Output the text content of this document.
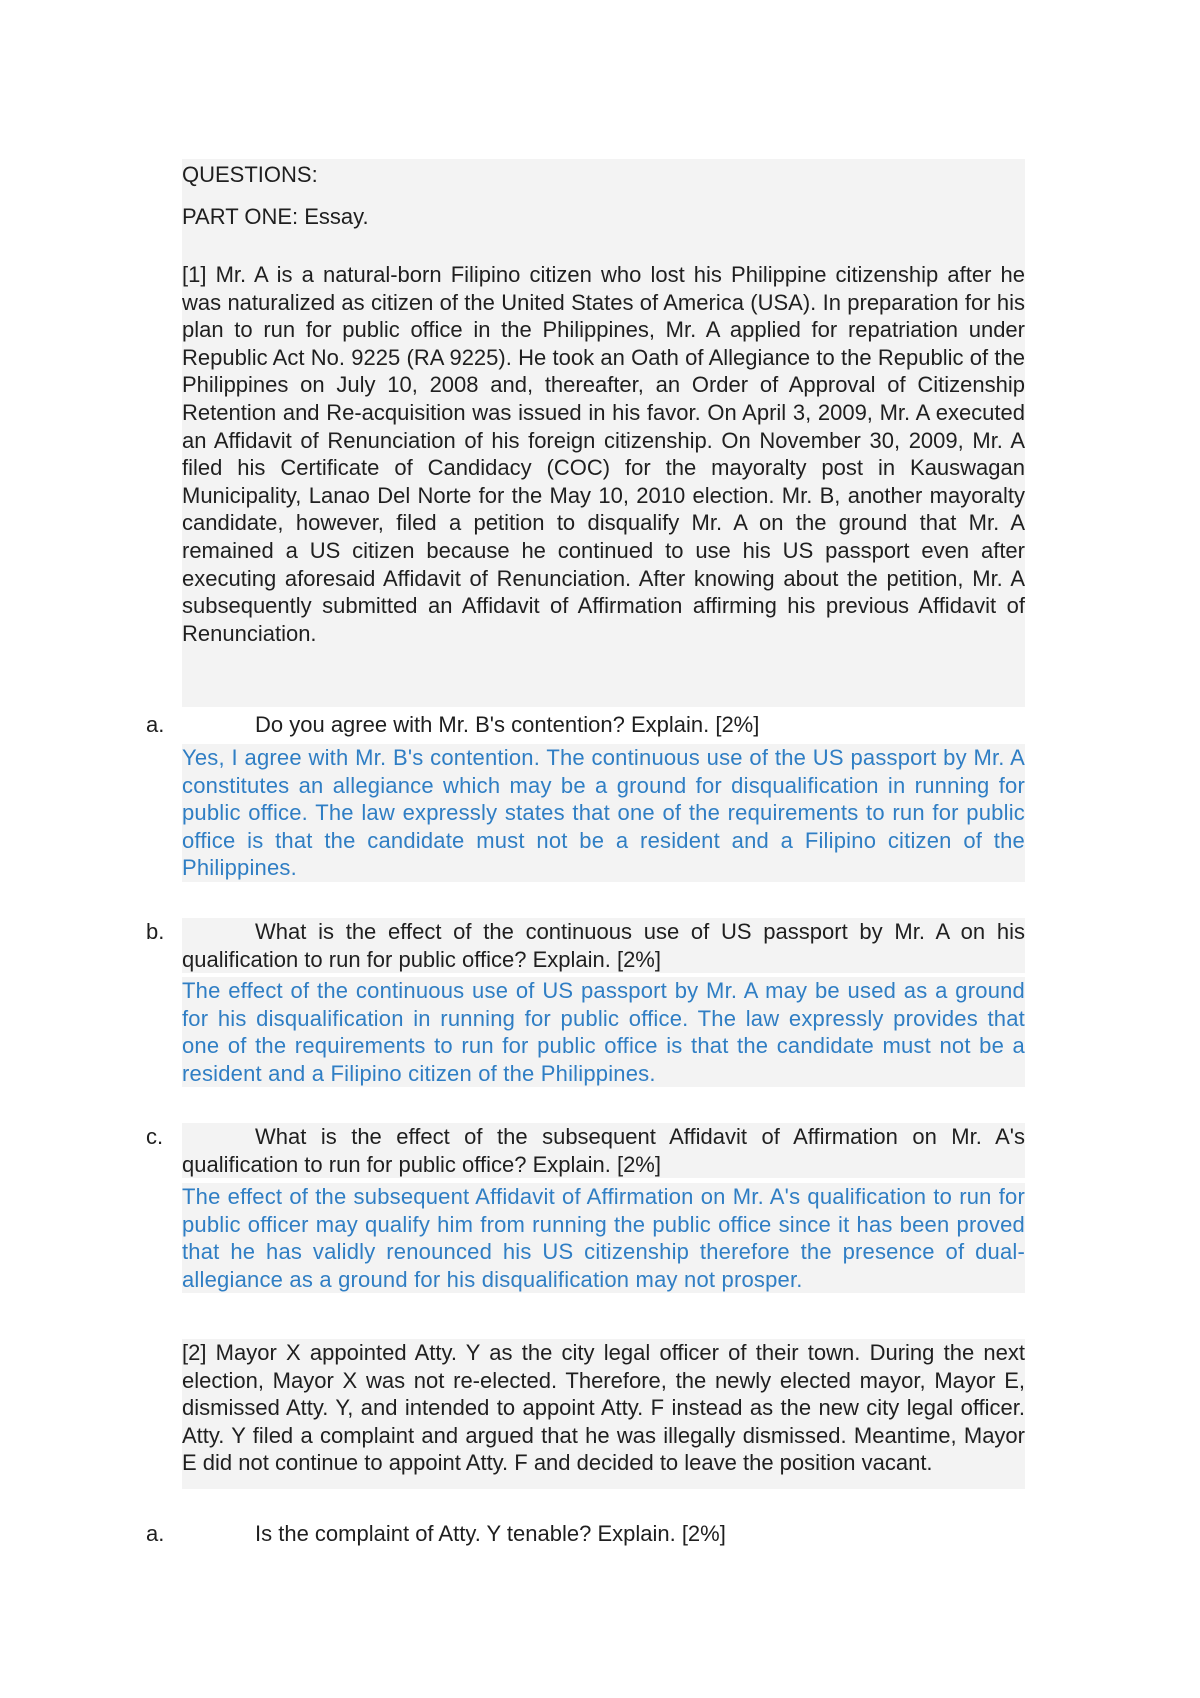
QUESTIONS:
PART ONE: Essay.
[1] Mr. A is a natural-born Filipino citizen who lost his Philippine citizenship after he was naturalized as citizen of the United States of America (USA). In preparation for his plan to run for public office in the Philippines, Mr. A applied for repatriation under Republic Act No. 9225 (RA 9225). He took an Oath of Allegiance to the Republic of the Philippines on July 10, 2008 and, thereafter, an Order of Approval of Citizenship Retention and Re-acquisition was issued in his favor. On April 3, 2009, Mr. A executed an Affidavit of Renunciation of his foreign citizenship. On November 30, 2009, Mr. A filed his Certificate of Candidacy (COC) for the mayoralty post in Kauswagan Municipality, Lanao Del Norte for the May 10, 2010 election. Mr. B, another mayoralty candidate, however, filed a petition to disqualify Mr. A on the ground that Mr. A remained a US citizen because he continued to use his US passport even after executing aforesaid Affidavit of Renunciation. After knowing about the petition, Mr. A subsequently submitted an Affidavit of Affirmation affirming his previous Affidavit of Renunciation.
a.	Do you agree with Mr. B's contention? Explain. [2%]
Yes, I agree with Mr. B's contention. The continuous use of the US passport by Mr. A constitutes an allegiance which may be a ground for disqualification in running for public office. The law expressly states that one of the requirements to run for public office is that the candidate must not be a resident and a Filipino citizen of the Philippines.
b.	What is the effect of the continuous use of US passport by Mr. A on his qualification to run for public office? Explain. [2%]
The effect of the continuous use of US passport by Mr. A may be used as a ground for his disqualification in running for public office. The law expressly provides that one of the requirements to run for public office is that the candidate must not be a resident and a Filipino citizen of the Philippines.
c.	What is the effect of the subsequent Affidavit of Affirmation on Mr. A's qualification to run for public office? Explain. [2%]
The effect of the subsequent Affidavit of Affirmation on Mr. A's qualification to run for public officer may qualify him from running the public office since it has been proved that he has validly renounced his US citizenship therefore the presence of dual-allegiance as a ground for his disqualification may not prosper.
[2] Mayor X appointed Atty. Y as the city legal officer of their town. During the next election, Mayor X was not re-elected. Therefore, the newly elected mayor, Mayor E, dismissed Atty. Y, and intended to appoint Atty. F instead as the new city legal officer. Atty. Y filed a complaint and argued that he was illegally dismissed. Meantime, Mayor E did not continue to appoint Atty. F and decided to leave the position vacant.
a.	Is the complaint of Atty. Y tenable? Explain. [2%]
